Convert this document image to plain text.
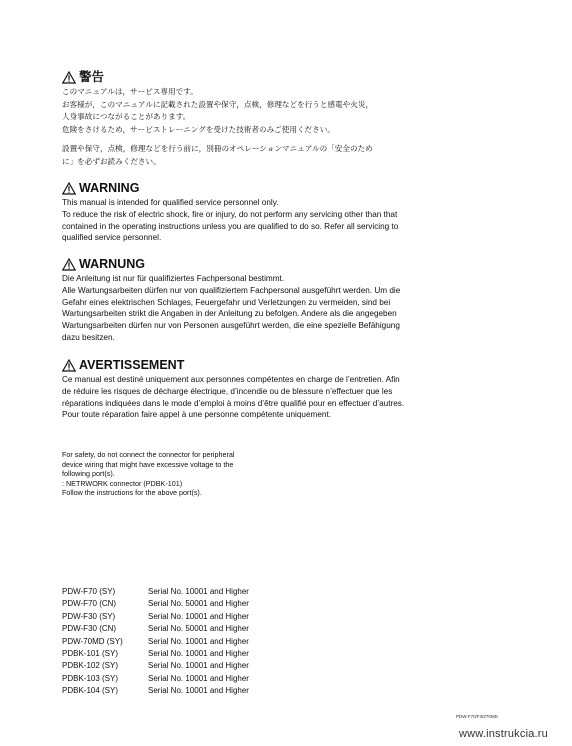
警告
このマニュアルは，サービス専用です。
お客様が，このマニュアルに記載された設置や保守，点検，修理などを行うと感電や火災，
人身事故につながることがあります。
危険をさけるため，サービストレーニングを受けた技術者のみご使用ください。
設置や保守，点検，修理などを行う前に，別冊のオペレーションマニュアルの「安全のため
に」を必ずお読みください。
WARNING
This manual is intended for qualified service personnel only.
To reduce the risk of electric shock, fire or injury, do not perform any servicing other than that
contained in the operating instructions unless you are qualified to do so. Refer all servicing to
qualified service personnel.
WARNUNG
Die Anleitung ist nur für qualifiziertes Fachpersonal bestimmt.
Alle Wartungsarbeiten dürfen nur von qualifiziertem Fachpersonal ausgeführt werden. Um die
Gefahr eines elektrischen Schlages, Feuergefahr und Verletzungen zu vermeiden, sind bei
Wartungsarbeiten strikt die Angaben in der Anleitung zu befolgen. Andere als die angegeben
Wartungsarbeiten dürfen nur von Personen ausgeführt werden, die eine spezielle Befähigung
dazu besitzen.
AVERTISSEMENT
Ce manual est destiné uniquement aux personnes compétentes en charge de l’entretien. Afin
de réduire les risques de décharge électrique, d’incendie ou de blessure n’effectuer que les
réparations indiquées dans le mode d’emploi à moins d’être qualifié pour en effectuer d’autres.
Pour toute réparation faire appel à une personne compétente uniquement.
For safety, do not connect the connector for peripheral
device wiring that might have excessive voltage to the
following port(s).
: NETRWORK connector (PDBK-101)
Follow the instructions for the above port(s).
PDW-F70 (SY)	Serial No. 10001 and Higher
PDW-F70 (CN)	Serial No. 50001 and Higher
PDW-F30 (SY)	Serial No. 10001 and Higher
PDW-F30 (CN)	Serial No. 50001 and Higher
PDW-70MD (SY)	Serial No. 10001 and Higher
PDBK-101 (SY)	Serial No. 10001 and Higher
PDBK-102 (SY)	Serial No. 10001 and Higher
PDBK-103 (SY)	Serial No. 10001 and Higher
PDBK-104 (SY)	Serial No. 10001 and Higher
PDW-F70/F30/70MD
www.instrukcia.ru
